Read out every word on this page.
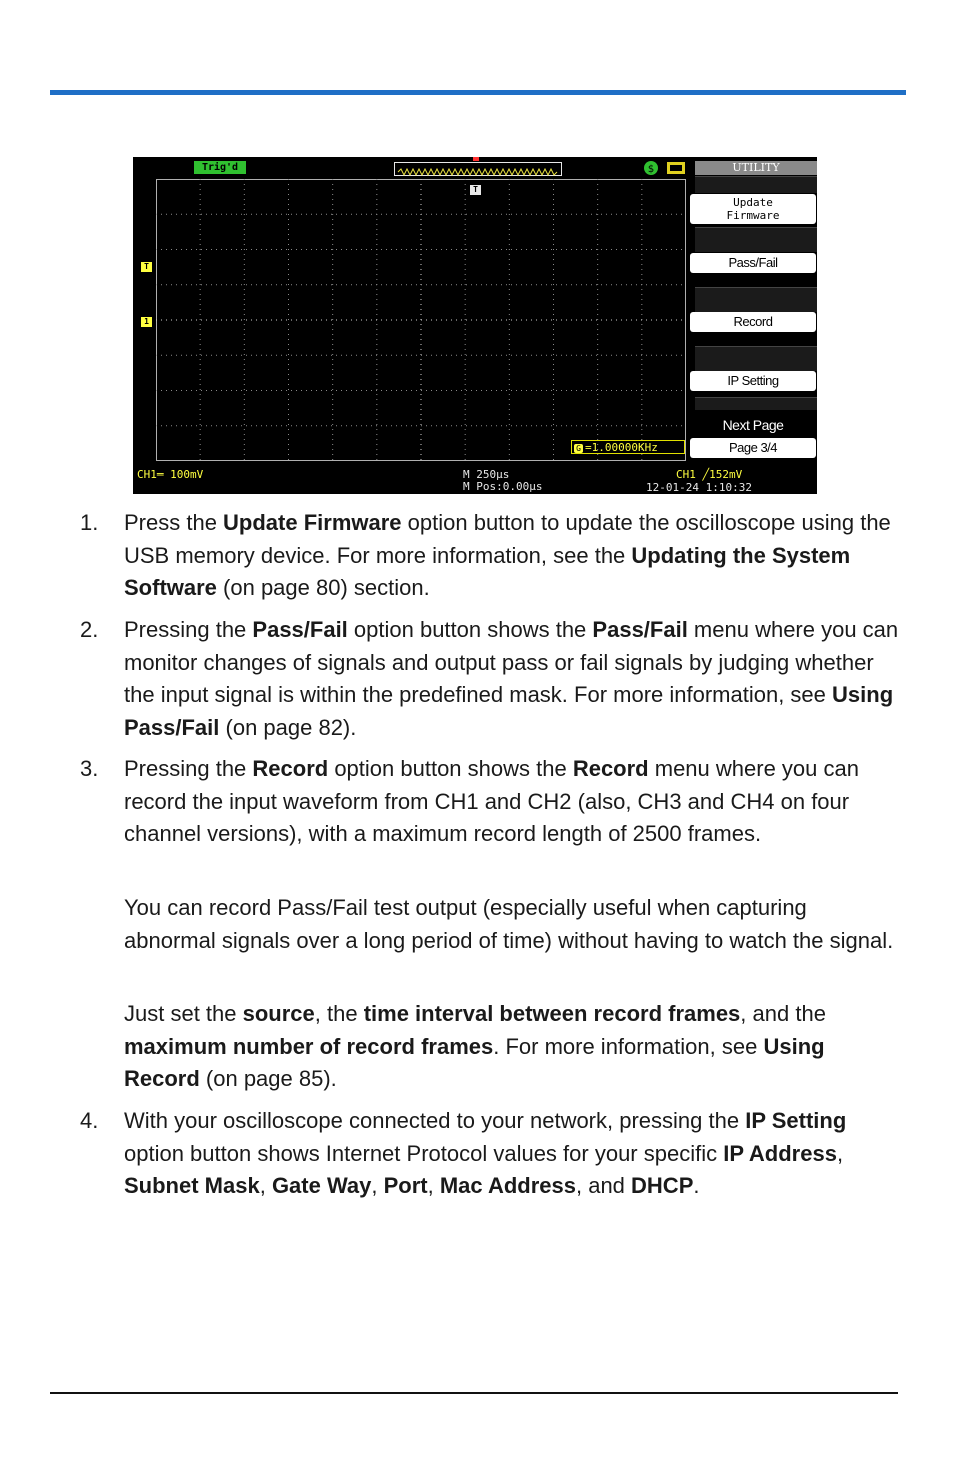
Trig'd	$	UTILITY
Update
Firmware
Pass/Fail
Record
IP Setting
Next Page
Page 3/4
T
T
1
G =1.00000KHz
CH1═ 100mV	M 250µs
M Pos:0.00µs
CH1 ╱152mV
12-01-24 1:10:32
1. Press the Update Firmware option button to update the oscilloscope using the USB memory device. For more information, see the Updating the System Software (on page 80) section.
2. Pressing the Pass/Fail option button shows the Pass/Fail menu where you can monitor changes of signals and output pass or fail signals by judging whether the input signal is within the predefined mask. For more information, see Using Pass/Fail (on page 82).
3. Pressing the Record option button shows the Record menu where you can record the input waveform from CH1 and CH2 (also, CH3 and CH4 on four channel versions), with a maximum record length of 2500 frames.
You can record Pass/Fail test output (especially useful when capturing abnormal signals over a long period of time) without having to watch the signal.
Just set the source, the time interval between record frames, and the maximum number of record frames. For more information, see Using Record (on page 85).
4. With your oscilloscope connected to your network, pressing the IP Setting option button shows Internet Protocol values for your specific IP Address, Subnet Mask, Gate Way, Port, Mac Address, and DHCP.
